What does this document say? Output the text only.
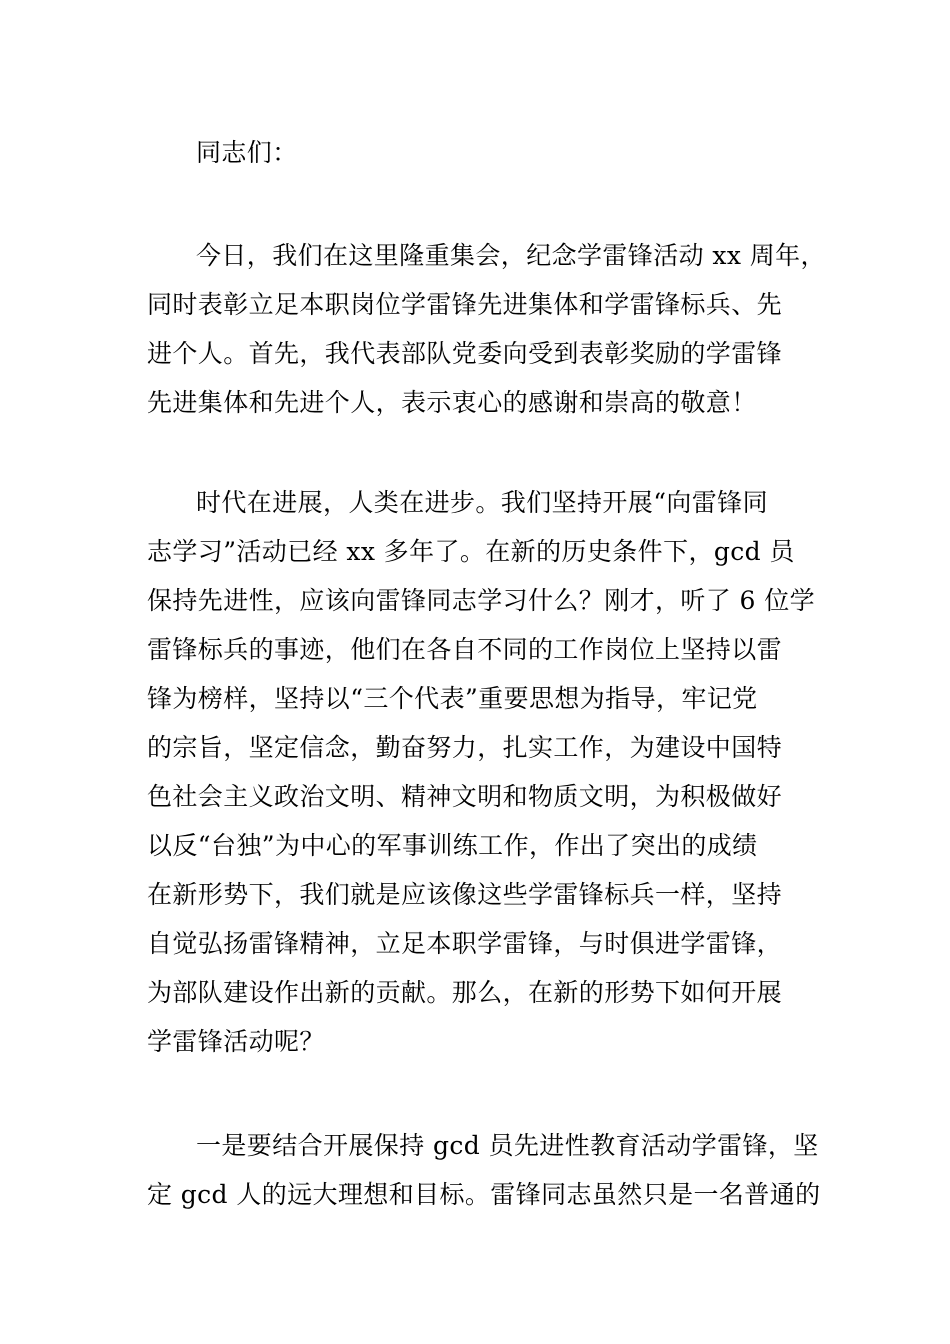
同志们：
今日，我们在这里隆重集会，纪念学雷锋活动 xx 周年，
同时表彰立足本职岗位学雷锋先进集体和学雷锋标兵、先
进个人。首先，我代表部队党委向受到表彰奖励的学雷锋
先进集体和先进个人，表示衷心的感谢和崇高的敬意！
时代在进展，人类在进步。我们坚持开展“向雷锋同
志学习”活动已经 xx 多年了。在新的历史条件下，gcd 员
保持先进性，应该向雷锋同志学习什么？刚才，听了 6 位学
雷锋标兵的事迹，他们在各自不同的工作岗位上坚持以雷
锋为榜样，坚持以“三个代表”重要思想为指导，牢记党
的宗旨，坚定信念，勤奋努力，扎实工作，为建设中国特
色社会主义政治文明、精神文明和物质文明，为积极做好
以反“台独”为中心的军事训练工作，作出了突出的成绩
在新形势下，我们就是应该像这些学雷锋标兵一样，坚持
自觉弘扬雷锋精神，立足本职学雷锋，与时俱进学雷锋，
为部队建设作出新的贡献。那么，在新的形势下如何开展
学雷锋活动呢？
一是要结合开展保持 gcd 员先进性教育活动学雷锋，坚
定 gcd 人的远大理想和目标。雷锋同志虽然只是一名普通的
